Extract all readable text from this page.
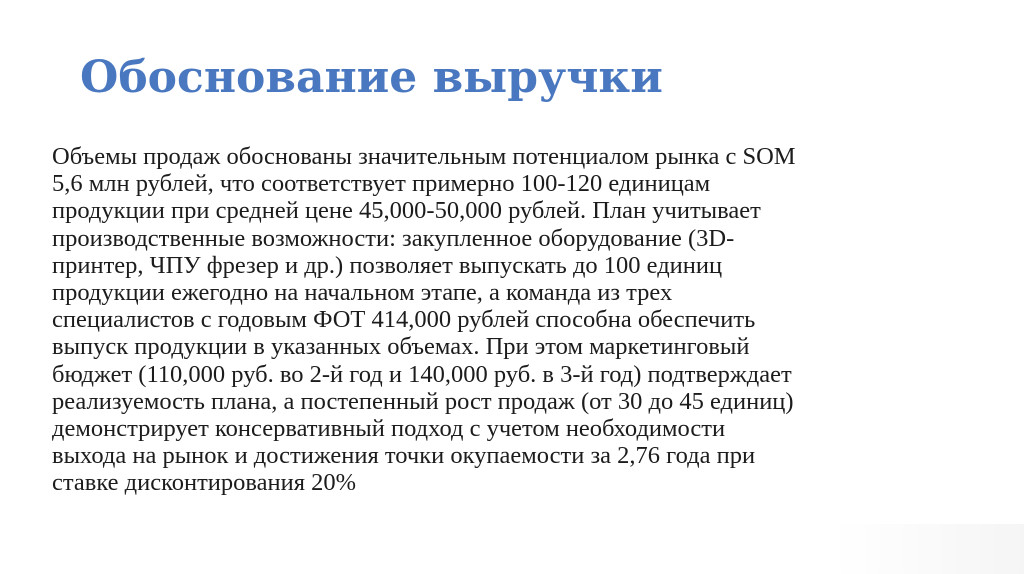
Обоснование выручки
Объемы продаж обоснованы значительным потенциалом рынка с SOM
5,6 млн рублей, что соответствует примерно 100-120 единицам
продукции при средней цене 45,000-50,000 рублей. План учитывает
производственные возможности: закупленное оборудование (3D-
принтер, ЧПУ фрезер и др.) позволяет выпускать до 100 единиц
продукции ежегодно на начальном этапе, а команда из трех
специалистов с годовым ФОТ 414,000 рублей способна обеспечить
выпуск продукции в указанных объемах. При этом маркетинговый
бюджет (110,000 руб. во 2-й год и 140,000 руб. в 3-й год) подтверждает
реализуемость плана, а постепенный рост продаж (от 30 до 45 единиц)
демонстрирует консервативный подход с учетом необходимости
выхода на рынок и достижения точки окупаемости за 2,76 года при
ставке дисконтирования 20%
